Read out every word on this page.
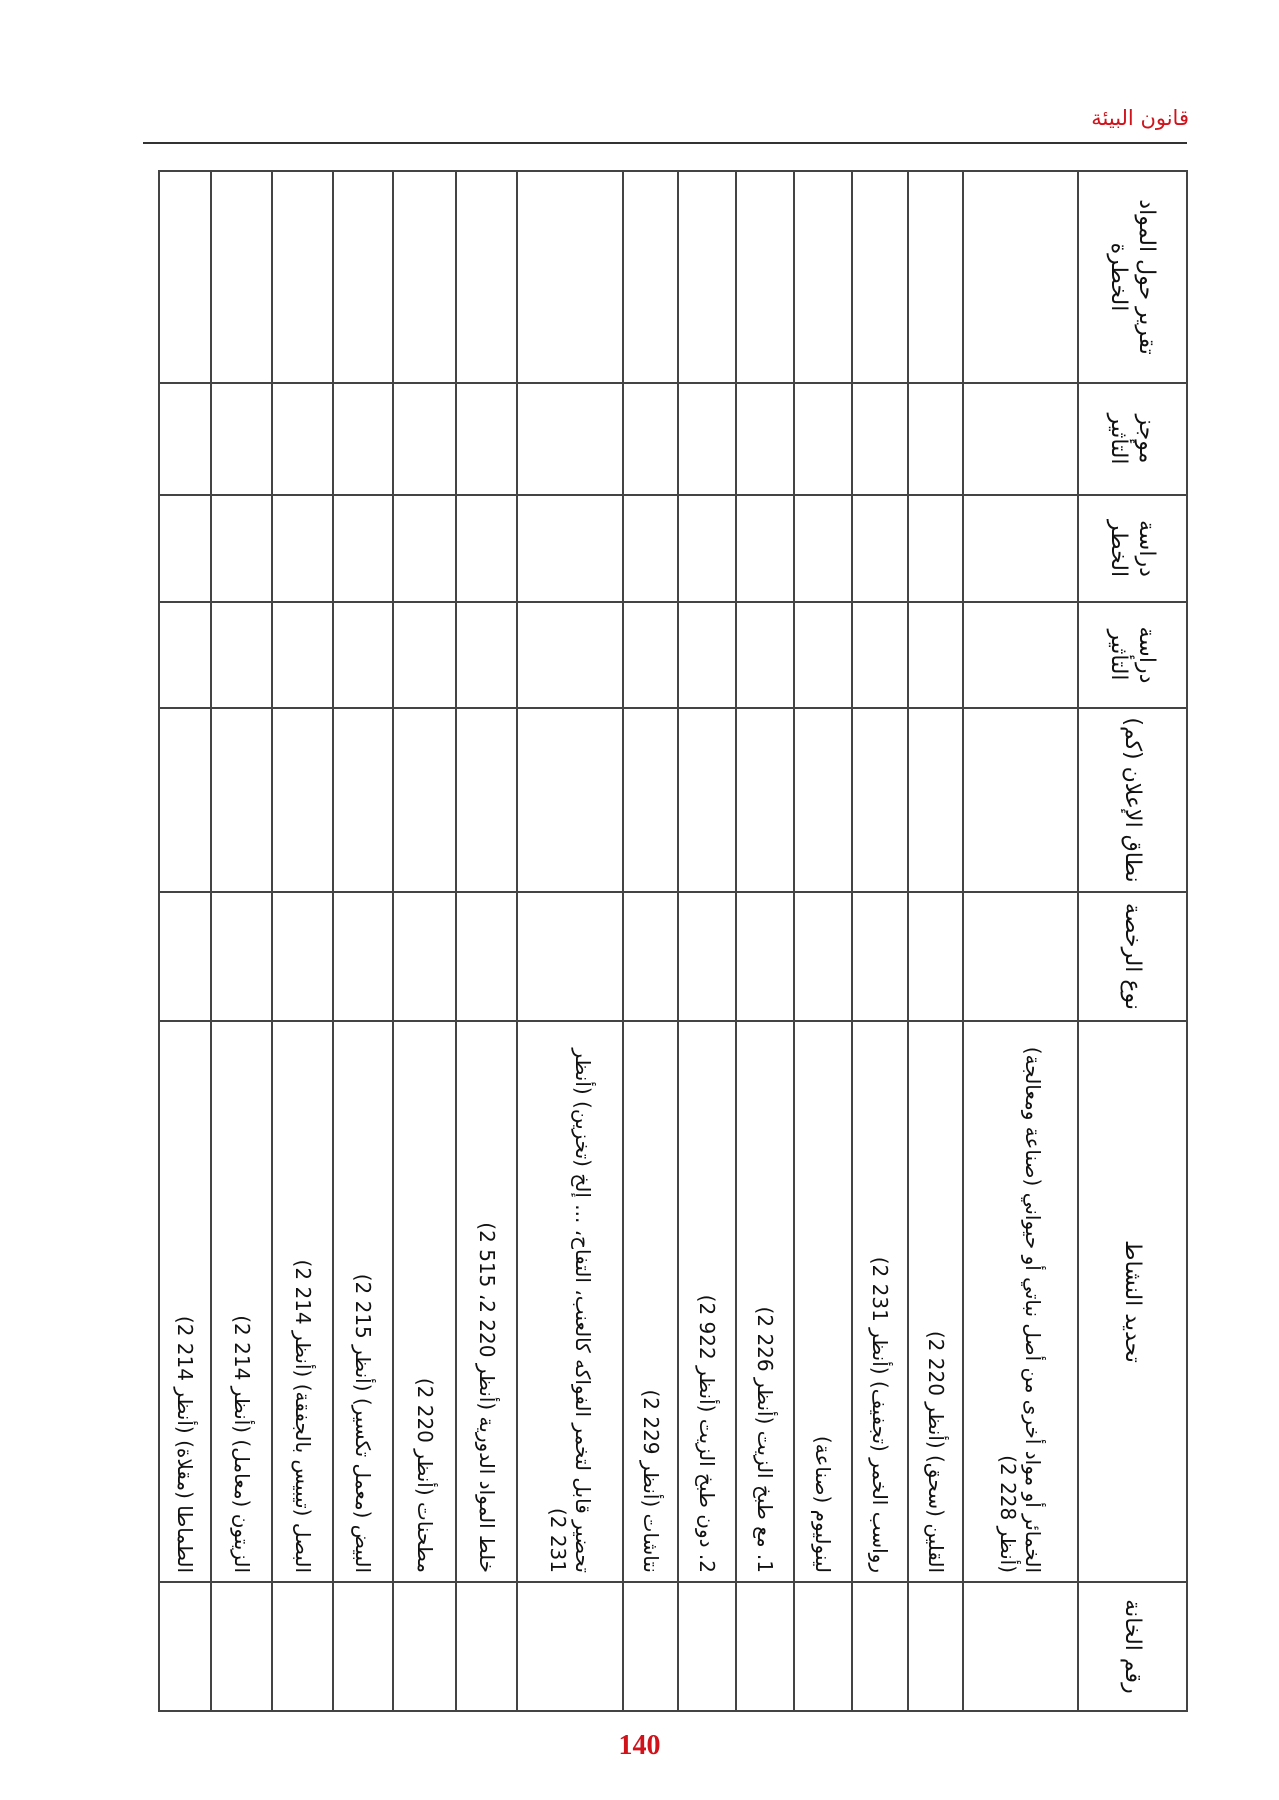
قانون البيئة
رقم الخانة	تحديد النشاط	نوع الرخصة	نطاق الإعلان (كم)	دراسة التأثير	دراسة الخطر	موجز التأثير	تقرير حول المواد الخطرة
	الخمائر أو مواد أخرى من أصل نباتي أو حيواني (صناعة ومعالجة) (أنظر 228 2)						
	القلين (سحق) (أنظر 220 2)						
	رواسب الخمر (تجفيف) (أنظر 231 2)						
	لينوليوم (صناعة)						
	1. مع طبخ الزيت (أنظر 226 2)						
	2. دون طبخ الزيت (أنظر 922 2)						
	نتاشات (أنظر 229 2)						
	تحضير قابل لتخمر الفواكه كالعنب، التفاح، ... إلخ (تخزين) (أنظر 231 2)						
	خلط المواد الدورية (أنظر 220 2، 515 2)						
	مطحنات (أنظر 220 2)						
	البيض (معمل تكسير) (أنظر 215 2)						
	البصل (تيبيس بالجفقة) (أنظر 214 2)						
	الزيتون (معامل) (أنظر 214 2)						
	الطماطا (مقلاة) (أنظر 214 2)						
140
